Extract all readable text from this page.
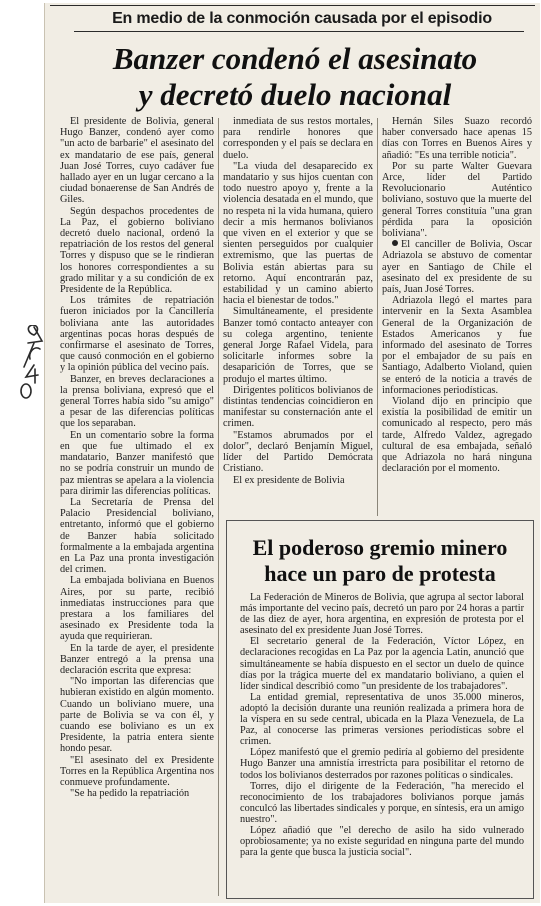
En medio de la conmoción causada por el episodio
Banzer condenó el asesinato
y decretó duelo nacional

El presidente de Bolivia, general Hugo Banzer, condenó ayer como "un acto de barbarie" el asesinato del ex mandatario de ese país, general Juan José Torres, cuyo cadáver fue hallado ayer en un lugar cercano a la ciudad bonaerense de San Andrés de Giles.

Según despachos procedentes de La Paz, el gobierno boliviano decretó duelo nacional, ordenó la repatriación de los restos del general Torres y dispuso que se le rindieran los honores correspondientes a su grado militar y a su condición de ex Presidente de la República.

Los trámites de repatriación fueron iniciados por la Cancillería boliviana ante las autoridades argentinas pocas horas después de confirmarse el asesinato de Torres, que causó conmoción en el gobierno y la opinión pública del vecino país.

Banzer, en breves declaraciones a la prensa boliviana, expresó que el general Torres había sido "su amigo" a pesar de las diferencias políticas que los separaban.

En un comentario sobre la forma en que fue ultimado el ex mandatario, Banzer manifestó que no se podría construir un mundo de paz mientras se apelara a la violencia para dirimir las diferencias políticas.

La Secretaría de Prensa del Palacio Presidencial boliviano, entretanto, informó que el gobierno de Banzer había solicitado formalmente a la embajada argentina en La Paz una pronta investigación del crimen.

La embajada boliviana en Buenos Aires, por su parte, recibió inmediatas instrucciones para que prestara a los familiares del asesinado ex Presidente toda la ayuda que requirieran.

En la tarde de ayer, el presidente Banzer entregó a la prensa una declaración escrita que expresa:

"No importan las diferencias que hubieran existido en algún momento. Cuando un boliviano muere, una parte de Bolivia se va con él, y cuando ese boliviano es un ex Presidente, la patria entera siente hondo pesar.

"El asesinato del ex Presidente Torres en la República Argentina nos conmueve profundamente.

"Se ha pedido la repatriación

inmediata de sus restos mortales, para rendirle honores que corresponden y el país se declara en duelo.

"La viuda del desaparecido ex mandatario y sus hijos cuentan con todo nuestro apoyo y, frente a la violencia desatada en el mundo, que no respeta ni la vida humana, quiero decir a mis hermanos bolivianos que viven en el exterior y que se sienten perseguidos por cualquier extremismo, que las puertas de Bolivia están abiertas para su retorno. Aquí encontrarán paz, estabilidad y un camino abierto hacia el bienestar de todos."

Simultáneamente, el presidente Banzer tomó contacto anteayer con su colega argentino, teniente general Jorge Rafael Videla, para solicitarle informes sobre la desaparición de Torres, que se produjo el martes último.

Dirigentes políticos bolivianos de distintas tendencias coincidieron en manifestar su consternación ante el crimen.

"Estamos abrumados por el dolor", declaró Benjamín Miguel, líder del Partido Demócrata Cristiano.

El ex presidente de Bolivia

Hernán Siles Suazo recordó haber conversado hace apenas 15 días con Torres en Buenos Aires y añadió: "Es una terrible noticia".

Por su parte Walter Guevara Arce, líder del Partido Revolucionario Auténtico boliviano, sostuvo que la muerte del general Torres constituía "una gran pérdida para la oposición boliviana".

El canciller de Bolivia, Oscar Adriazola se abstuvo de comentar ayer en Santiago de Chile el asesinato del ex presidente de su país, Juan José Torres.

Adriazola llegó el martes para intervenir en la Sexta Asamblea General de la Organización de Estados Americanos y fue informado del asesinato de Torres por el embajador de su país en Santiago, Adalberto Violand, quien se enteró de la noticia a través de informaciones periodísticas.

Violand dijo en principio que existía la posibilidad de emitir un comunicado al respecto, pero más tarde, Alfredo Valdez, agregado cultural de esa embajada, señaló que Adriazola no hará ninguna declaración por el momento.

El poderoso gremio minero
hace un paro de protesta

La Federación de Mineros de Bolivia, que agrupa al sector laboral más importante del vecino país, decretó un paro por 24 horas a partir de las diez de ayer, hora argentina, en expresión de protesta por el asesinato del ex presidente Juan José Torres.

El secretario general de la Federación, Víctor López, en declaraciones recogidas en La Paz por la agencia Latin, anunció que simultáneamente se había dispuesto en el sector un duelo de quince días por la trágica muerte del ex mandatario boliviano, a quien el líder sindical describió como "un presidente de los trabajadores".

La entidad gremial, representativa de unos 35.000 mineros, adoptó la decisión durante una reunión realizada a primera hora de la víspera en su sede central, ubicada en la Plaza Venezuela, de La Paz, al conocerse las primeras versiones periodísticas sobre el crimen.

López manifestó que el gremio pediría al gobierno del presidente Hugo Banzer una amnistía irrestricta para posibilitar el retorno de todos los bolivianos desterrados por razones políticas o sindicales.

Torres, dijo el dirigente de la Federación, "ha merecido el reconocimiento de los trabajadores bolivianos porque jamás conculcó las libertades sindicales y porque, en síntesis, era un amigo nuestro".

López añadió que "el derecho de asilo ha sido vulnerado oprobiosamente; ya no existe seguridad en ninguna parte del mundo para la gente que busca la justicia social".
